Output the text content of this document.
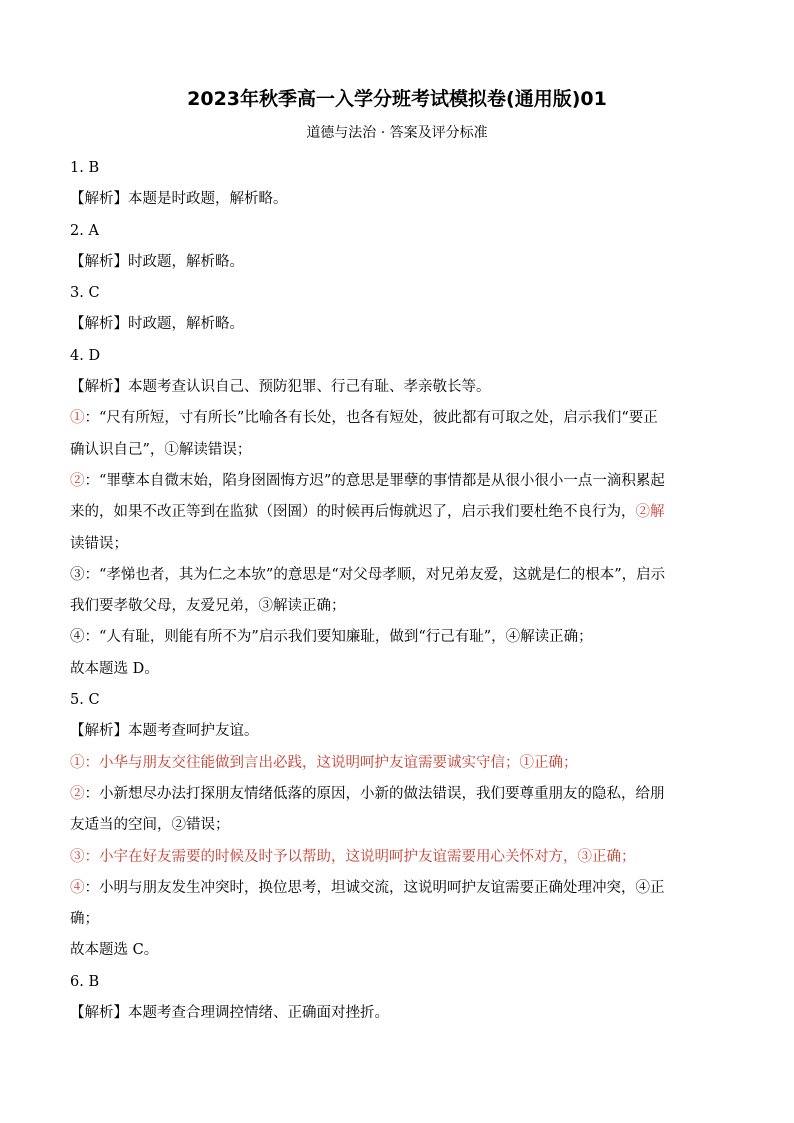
2023年秋季高一入学分班考试模拟卷(通用版)01
道德与法治 · 答案及评分标准
1. B
【解析】本题是时政题，解析略。
2. A
【解析】时政题，解析略。
3. C
【解析】时政题，解析略。
4. D
【解析】本题考查认识自己、预防犯罪、行己有耻、孝亲敬长等。
①：“尺有所短，寸有所长”比喻各有长处，也各有短处，彼此都有可取之处，启示我们“要正
确认识自己”，①解读错误；
②：“罪孽本自微末始，陷身囹圄悔方迟”的意思是罪孽的事情都是从很小很小一点一滴积累起
来的，如果不改正等到在监狱（囹圄）的时候再后悔就迟了，启示我们要杜绝不良行为，②解
读错误；
③：“孝悌也者，其为仁之本欤”的意思是“对父母孝顺，对兄弟友爱，这就是仁的根本”，启示
我们要孝敬父母，友爱兄弟，③解读正确；
④：“人有耻，则能有所不为”启示我们要知廉耻，做到“行己有耻”，④解读正确；
故本题选 D。
5. C
【解析】本题考查呵护友谊。
①：小华与朋友交往能做到言出必践，这说明呵护友谊需要诚实守信；①正确；
②：小新想尽办法打探朋友情绪低落的原因，小新的做法错误，我们要尊重朋友的隐私，给朋
友适当的空间，②错误；
③：小宇在好友需要的时候及时予以帮助，这说明呵护友谊需要用心关怀对方，③正确；
④：小明与朋友发生冲突时，换位思考，坦诚交流，这说明呵护友谊需要正确处理冲突，④正
确；
故本题选 C。
6. B
【解析】本题考查合理调控情绪、正确面对挫折。
